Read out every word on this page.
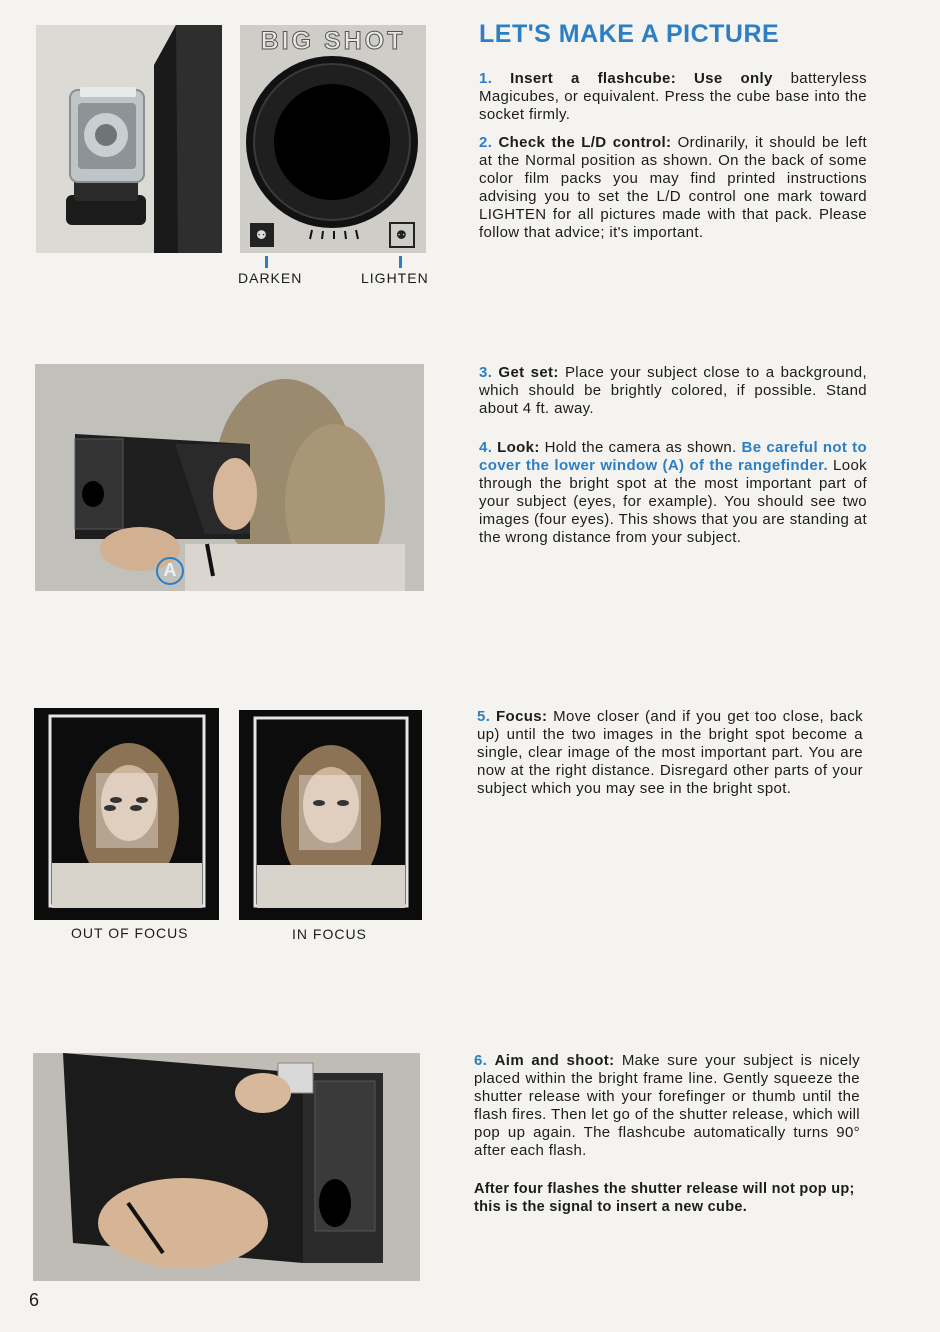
LET'S MAKE A PICTURE
BIG SHOT
⚉	⚉

DARKEN	LIGHTEN

1. Insert a flashcube: Use only batteryless Magicubes, or equivalent. Press the cube base into the socket firmly.

2. Check the L/D control: Ordinarily, it should be left at the Normal position as shown. On the back of some color film packs you may find printed instructions advising you to set the L/D control one mark toward LIGHTEN for all pictures made with that pack. Please follow that advice; it's important.

A

3. Get set: Place your subject close to a background, which should be brightly colored, if possible. Stand about 4 ft. away.

4. Look: Hold the camera as shown. Be careful not to cover the lower window (A) of the rangefinder. Look through the bright spot at the most important part of your subject (eyes, for example). You should see two images (four eyes). This shows that you are standing at the wrong distance from your subject.

OUT OF FOCUS	IN FOCUS

5. Focus: Move closer (and if you get too close, back up) until the two images in the bright spot become a single, clear image of the most important part. You are now at the right distance. Disregard other parts of your subject which you may see in the bright spot.

6. Aim and shoot: Make sure your subject is nicely placed within the bright frame line. Gently squeeze the shutter release with your forefinger or thumb until the flash fires. Then let go of the shutter release, which will pop up again. The flashcube automatically turns 90° after each flash.

After four flashes the shutter release will not pop up; this is the signal to insert a new cube.

6
